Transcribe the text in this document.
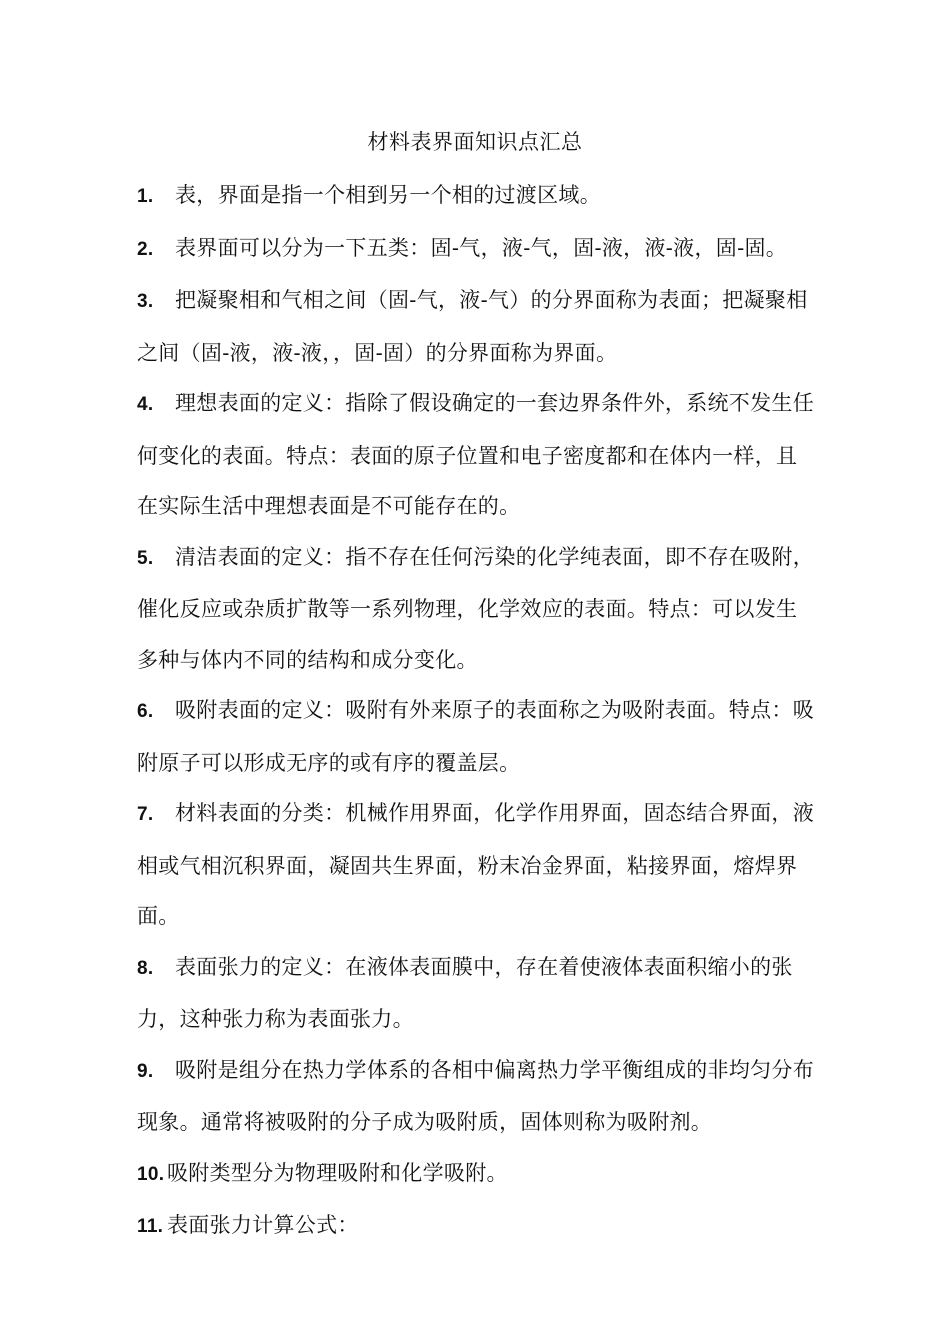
材料表界面知识点汇总
1. 表，界面是指一个相到另一个相的过渡区域。
2. 表界面可以分为一下五类：固-气，液-气，固-液，液-液，固-固。
3. 把凝聚相和气相之间（固-气，液-气）的分界面称为表面；把凝聚相之间（固-液，液-液，，固-固）的分界面称为界面。
4. 理想表面的定义：指除了假设确定的一套边界条件外，系统不发生任何变化的表面。特点：表面的原子位置和电子密度都和在体内一样，且在实际生活中理想表面是不可能存在的。
5. 清洁表面的定义：指不存在任何污染的化学纯表面，即不存在吸附，催化反应或杂质扩散等一系列物理，化学效应的表面。特点：可以发生多种与体内不同的结构和成分变化。
6. 吸附表面的定义：吸附有外来原子的表面称之为吸附表面。特点：吸附原子可以形成无序的或有序的覆盖层。
7. 材料表面的分类：机械作用界面，化学作用界面，固态结合界面，液相或气相沉积界面，凝固共生界面，粉末冶金界面，粘接界面，熔焊界面。
8. 表面张力的定义：在液体表面膜中，存在着使液体表面积缩小的张力，这种张力称为表面张力。
9. 吸附是组分在热力学体系的各相中偏离热力学平衡组成的非均匀分布现象。通常将被吸附的分子成为吸附质，固体则称为吸附剂。
10. 吸附类型分为物理吸附和化学吸附。
11. 表面张力计算公式：
